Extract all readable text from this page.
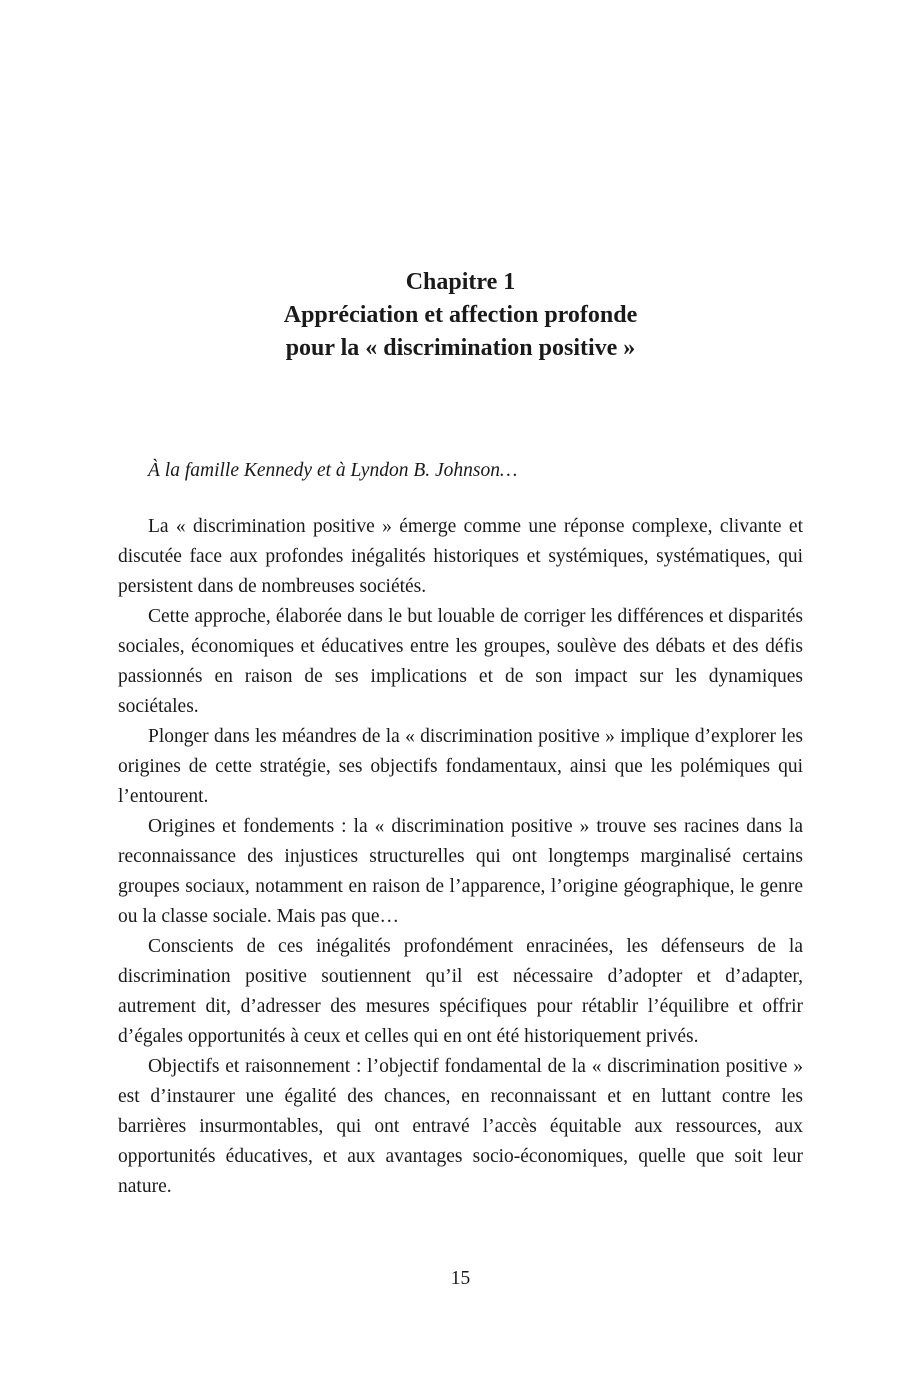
Chapitre 1
Appréciation et affection profonde
pour la « discrimination positive »

À la famille Kennedy et à Lyndon B. Johnson…

La « discrimination positive » émerge comme une réponse complexe, clivante et discutée face aux profondes inégalités historiques et systémiques, systématiques, qui persistent dans de nombreuses sociétés.

Cette approche, élaborée dans le but louable de corriger les différences et disparités sociales, économiques et éducatives entre les groupes, soulève des débats et des défis passionnés en raison de ses implications et de son impact sur les dynamiques sociétales.

Plonger dans les méandres de la « discrimination positive » implique d’explorer les origines de cette stratégie, ses objectifs fondamentaux, ainsi que les polémiques qui l’entourent.

Origines et fondements : la « discrimination positive » trouve ses racines dans la reconnaissance des injustices structurelles qui ont longtemps marginalisé certains groupes sociaux, notamment en raison de l’apparence, l’origine géographique, le genre ou la classe sociale. Mais pas que…

Conscients de ces inégalités profondément enracinées, les défenseurs de la discrimination positive soutiennent qu’il est nécessaire d’adopter et d’adapter, autrement dit, d’adresser des mesures spécifiques pour rétablir l’équilibre et offrir d’égales opportunités à ceux et celles qui en ont été historiquement privés.

Objectifs et raisonnement : l’objectif fondamental de la « discrimination positive » est d’instaurer une égalité des chances, en reconnaissant et en luttant contre les barrières insurmontables, qui ont entravé l’accès équitable aux ressources, aux opportunités éducatives, et aux avantages socio-économiques, quelle que soit leur nature.

15
